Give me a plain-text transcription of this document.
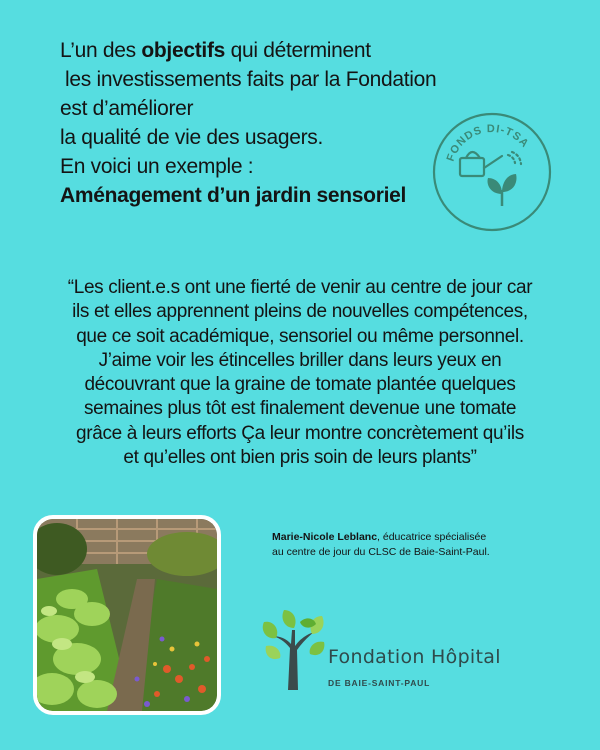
L’un des objectifs qui déterminent
les investissements faits par la Fondation
est d’améliorer
la qualité de vie des usagers.
En voici un exemple :
Aménagement d’un jardin sensoriel
FONDS DI-TSA
“Les client.e.s ont une fierté de venir au centre de jour car
ils et elles apprennent pleins de nouvelles compétences,
que ce soit académique, sensoriel ou même personnel.
J’aime voir les étincelles briller dans leurs yeux en
découvrant que la graine de tomate plantée quelques
semaines plus tôt est finalement devenue une tomate
grâce à leurs efforts Ça leur montre concrètement qu’ils
et qu’elles ont bien pris soin de leurs plants”
Marie-Nicole Leblanc, éducatrice spécialisée
au centre de jour du CLSC de Baie-Saint-Paul.
Fondation Hôpital
DE BAIE-SAINT-PAUL
